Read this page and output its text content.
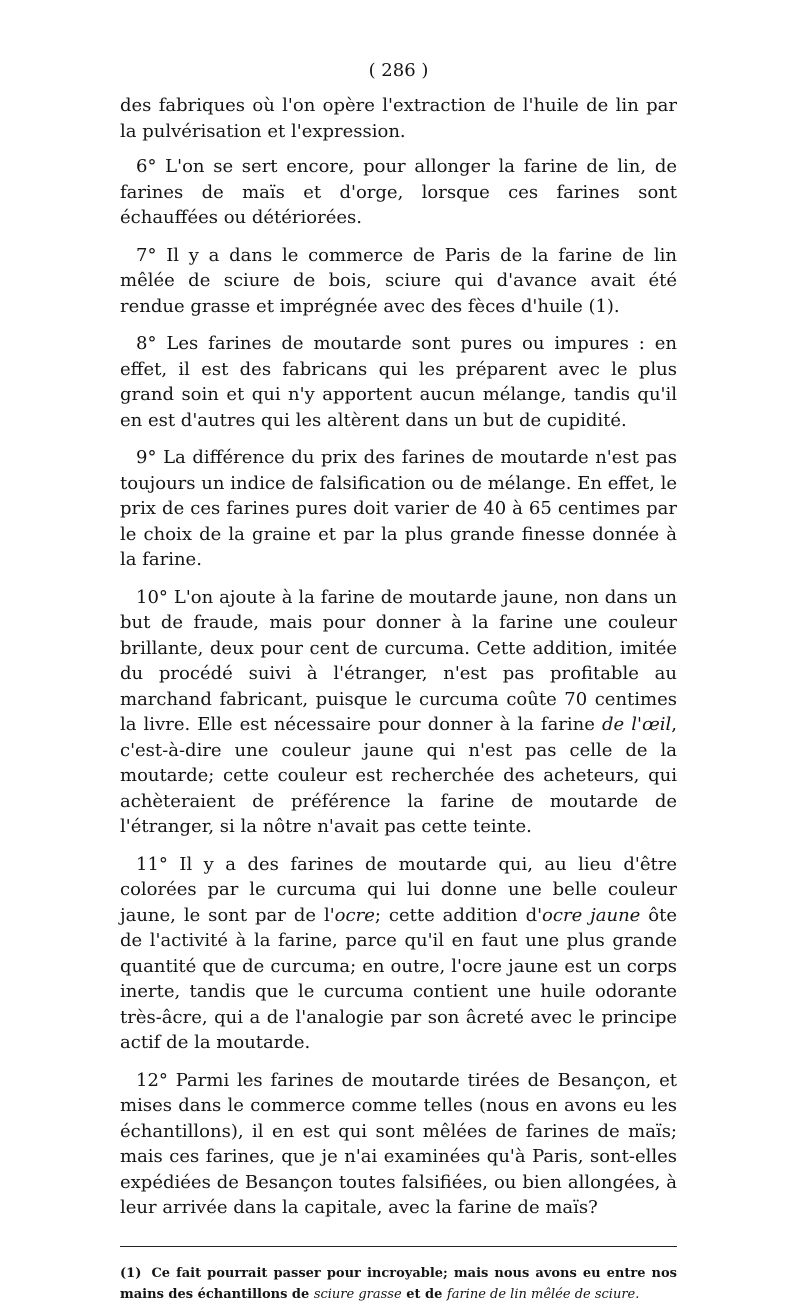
( 286 )

des fabriques où l'on opère l'extraction de l'huile de lin par la pulvérisation et l'expression.

6° L'on se sert encore, pour allonger la farine de lin, de farines de maïs et d'orge, lorsque ces farines sont échauffées ou détériorées.

7° Il y a dans le commerce de Paris de la farine de lin mêlée de sciure de bois, sciure qui d'avance avait été rendue grasse et imprégnée avec des fèces d'huile (1).

8° Les farines de moutarde sont pures ou impures : en effet, il est des fabricans qui les préparent avec le plus grand soin et qui n'y apportent aucun mélange, tandis qu'il en est d'autres qui les altèrent dans un but de cupidité.

9° La différence du prix des farines de moutarde n'est pas toujours un indice de falsification ou de mélange. En effet, le prix de ces farines pures doit varier de 40 à 65 centimes par le choix de la graine et par la plus grande finesse donnée à la farine.

10° L'on ajoute à la farine de moutarde jaune, non dans un but de fraude, mais pour donner à la farine une couleur brillante, deux pour cent de curcuma. Cette addition, imitée du procédé suivi à l'étranger, n'est pas profitable au marchand fabricant, puisque le curcuma coûte 70 centimes la livre. Elle est nécessaire pour donner à la farine de l'œil, c'est-à-dire une couleur jaune qui n'est pas celle de la moutarde; cette couleur est recherchée des acheteurs, qui achèteraient de préférence la farine de moutarde de l'étranger, si la nôtre n'avait pas cette teinte.

11° Il y a des farines de moutarde qui, au lieu d'être colorées par le curcuma qui lui donne une belle couleur jaune, le sont par de l'ocre; cette addition d'ocre jaune ôte de l'activité à la farine, parce qu'il en faut une plus grande quantité que de curcuma; en outre, l'ocre jaune est un corps inerte, tandis que le curcuma contient une huile odorante très-âcre, qui a de l'analogie par son âcreté avec le principe actif de la moutarde.

12° Parmi les farines de moutarde tirées de Besançon, et mises dans le commerce comme telles (nous en avons eu les échantillons), il en est qui sont mêlées de farines de maïs; mais ces farines, que je n'ai examinées qu'à Paris, sont-elles expédiées de Besançon toutes falsifiées, ou bien allongées, à leur arrivée dans la capitale, avec la farine de maïs?

(1) Ce fait pourrait passer pour incroyable; mais nous avons eu entre nos mains des échantillons de sciure grasse et de farine de lin mêlée de sciure.
